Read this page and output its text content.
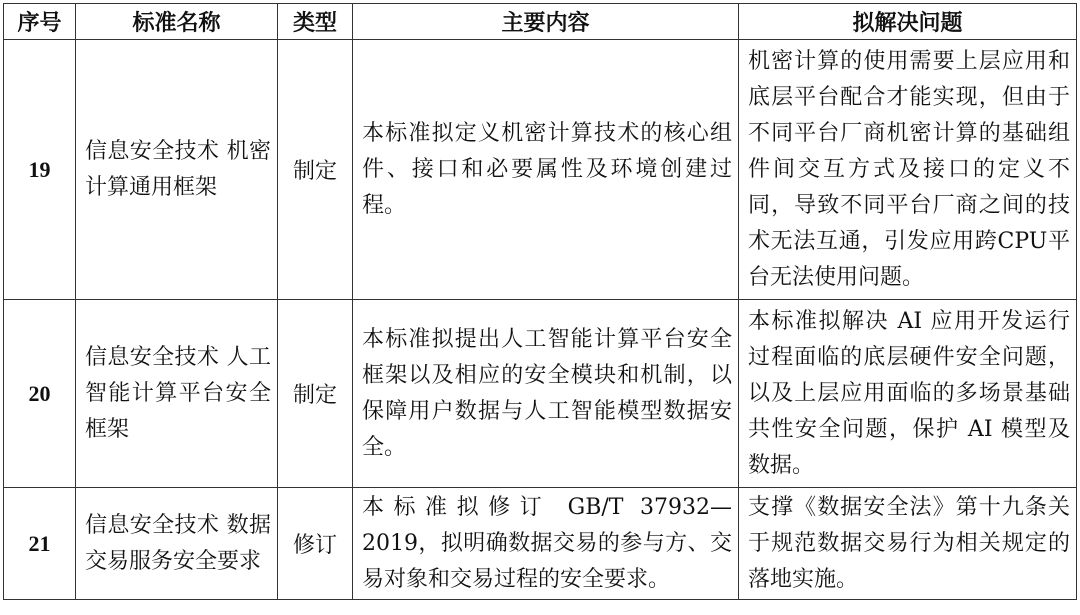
序号	标准名称	类型	主要内容	拟解决问题
19	信息安全技术 机密计算通用框架	制定	本标准拟定义机密计算技术的核心组件、接口和必要属性及环境创建过程。	机密计算的使用需要上层应用和底层平台配合才能实现，但由于不同平台厂商机密计算的基础组件间交互方式及接口的定义不同，导致不同平台厂商之间的技术无法互通，引发应用跨CPU平台无法使用问题。

20	信息安全技术 人工智能计算平台安全框架	制定	本标准拟提出人工智能计算平台安全框架以及相应的安全模块和机制，以保障用户数据与人工智能模型数据安全。	本标准拟解决 AI 应用开发运行过程面临的底层硬件安全问题，以及上层应用面临的多场景基础共性安全问题，保护 AI 模型及数据。

21	信息安全技术 数据交易服务安全要求	修订	本标准拟修订 GB/T 37932—2019，拟明确数据交易的参与方、交易对象和交易过程的安全要求。	支撑《数据安全法》第十九条关于规范数据交易行为相关规定的落地实施。
